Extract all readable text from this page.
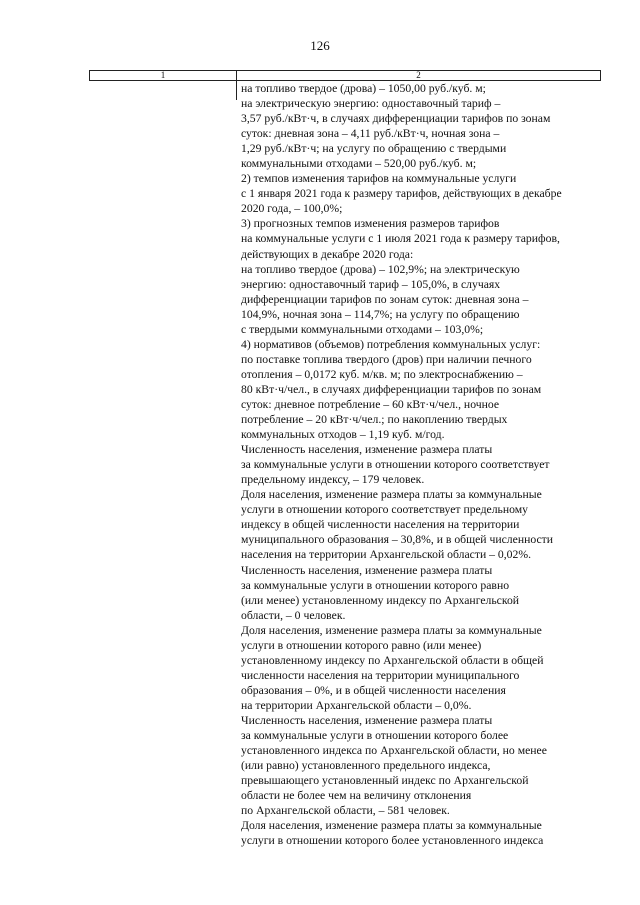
126
1	2
на топливо твердое (дрова) – 1050,00 руб./куб. м;
на электрическую энергию: одноставочный тариф –
3,57 руб./кВт·ч, в случаях дифференциации тарифов по зонам
суток: дневная зона – 4,11 руб./кВт·ч, ночная зона –
1,29 руб./кВт·ч; на услугу по обращению с твердыми
коммунальными отходами – 520,00 руб./куб. м;
2) темпов изменения тарифов на коммунальные услуги
с 1 января 2021 года к размеру тарифов, действующих в декабре
2020 года, – 100,0%;
3) прогнозных темпов изменения размеров тарифов
на коммунальные услуги с 1 июля 2021 года к размеру тарифов,
действующих в декабре 2020 года:
на топливо твердое (дрова) – 102,9%; на электрическую
энергию: одноставочный тариф – 105,0%, в случаях
дифференциации тарифов по зонам суток: дневная зона –
104,9%, ночная зона – 114,7%; на услугу по обращению
с твердыми коммунальными отходами – 103,0%;
4) нормативов (объемов) потребления коммунальных услуг:
по поставке топлива твердого (дров) при наличии печного
отопления – 0,0172 куб. м/кв. м; по электроснабжению –
80 кВт·ч/чел., в случаях дифференциации тарифов по зонам
суток: дневное потребление – 60 кВт·ч/чел., ночное
потребление – 20 кВт·ч/чел.; по накоплению твердых
коммунальных отходов – 1,19 куб. м/год.
Численность населения, изменение размера платы
за коммунальные услуги в отношении которого соответствует
предельному индексу, – 179 человек.
Доля населения, изменение размера платы за коммунальные
услуги в отношении которого соответствует предельному
индексу в общей численности населения на территории
муниципального образования – 30,8%, и в общей численности
населения на территории Архангельской области – 0,02%.
Численность населения, изменение размера платы
за коммунальные услуги в отношении которого равно
(или менее) установленному индексу по Архангельской
области, – 0 человек.
Доля населения, изменение размера платы за коммунальные
услуги в отношении которого равно (или менее)
установленному индексу по Архангельской области в общей
численности населения на территории муниципального
образования – 0%, и в общей численности населения
на территории Архангельской области – 0,0%.
Численность населения, изменение размера платы
за коммунальные услуги в отношении которого более
установленного индекса по Архангельской области, но менее
(или равно) установленного предельного индекса,
превышающего установленный индекс по Архангельской
области не более чем на величину отклонения
по Архангельской области, – 581 человек.
Доля населения, изменение размера платы за коммунальные
услуги в отношении которого более установленного индекса
